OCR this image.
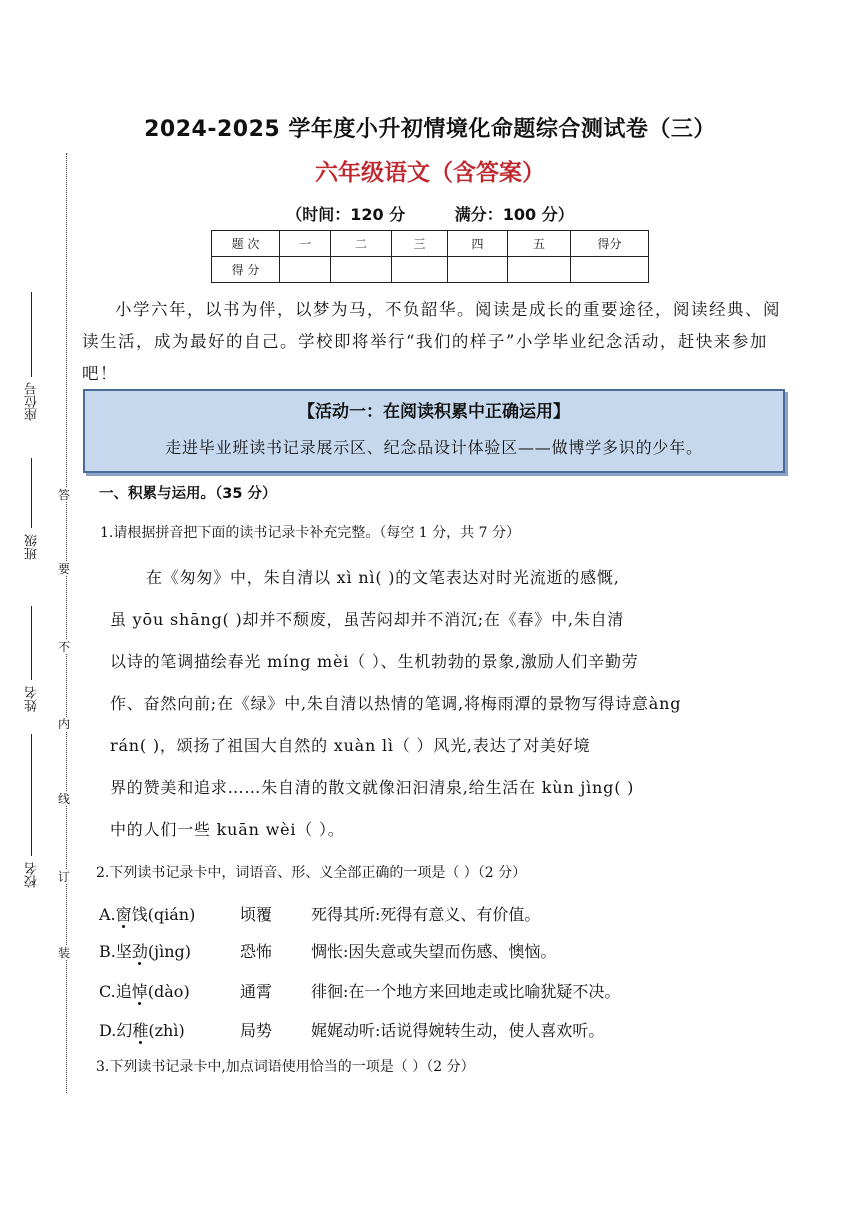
答
要
不
内
线
订
装
座位号
班级
姓名
校名
2024-2025 学年度小升初情境化命题综合测试卷（三）
六年级语文（含答案）
（时间：120 分	满分：100 分）
题 次	一	二	三	四	五	得分
得 分						
小学六年，以书为伴，以梦为马，不负韶华。阅读是成长的重要途径，阅读经典、阅读生活，成为最好的自己。学校即将举行“我们的样子”小学毕业纪念活动，赶快来参加吧！
【活动一：在阅读积累中正确运用】
走进毕业班读书记录展示区、纪念品设计体验区——做博学多识的少年。
一、积累与运用。（35 分）
1.请根据拼音把下面的读书记录卡补充完整。（每空 1 分，共 7 分）
在《匆匆》中，朱自清以 xì nì( )的文笔表达对时光流逝的感慨,
虽 yōu shāng( )却并不颓废，虽苦闷却并不消沉;在《春》中,朱自清
以诗的笔调描绘春光 míng mèi（ ）、生机勃勃的景象,激励人们辛勤劳
作、奋然向前;在《绿》中,朱自清以热情的笔调,将梅雨潭的景物写得诗意àng
rán( )，颂扬了祖国大自然的 xuàn lì（ ）风光,表达了对美好境
界的赞美和追求……朱自清的散文就像汩汩清泉,给生活在 kùn jìng( )
中的人们一些 kuān wèi（ ）。
2.下列读书记录卡中，词语音、形、义全部正确的一项是（ ）（2 分）
A.窗饯(qián)	顷覆 死得其所:死得有意义、有价值。
B.坚劲(jìng)	恐怖 惆怅:因失意或失望而伤感、懊恼。
C.追悼(dào)	通霄 徘徊:在一个地方来回地走或比喻犹疑不决。
D.幻稚(zhì)	局势 娓娓动听:话说得婉转生动，使人喜欢听。
3.下列读书记录卡中,加点词语使用恰当的一项是（ ）（2 分）
